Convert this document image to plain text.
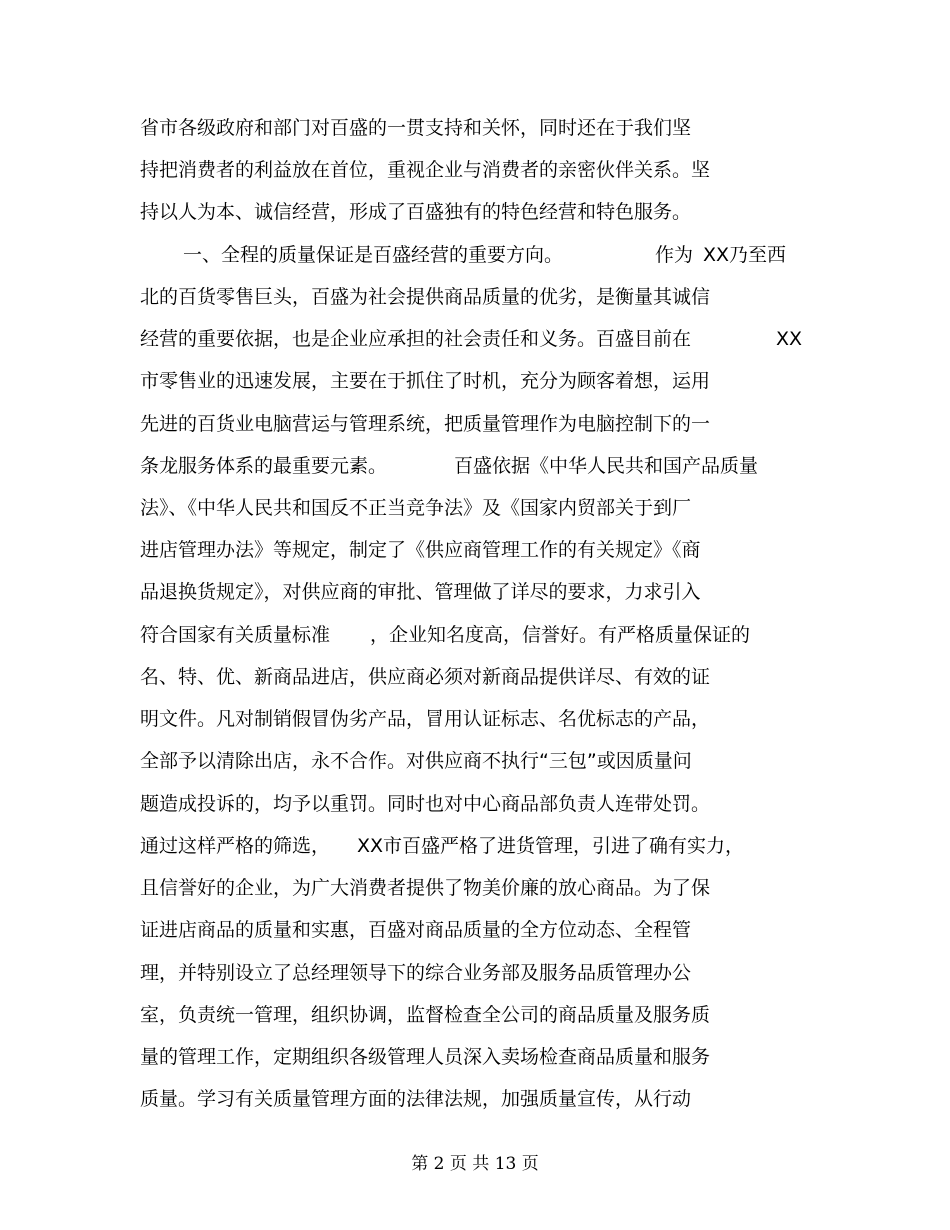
省市各级政府和部门对百盛的一贯支持和关怀，同时还在于我们坚
持把消费者的利益放在首位，重视企业与消费者的亲密伙伴关系。坚
持以人为本、诚信经营，形成了百盛独有的特色经营和特色服务。
一、全程的质量保证是百盛经营的重要方向。	作为 XX乃至西
北的百货零售巨头，百盛为社会提供商品质量的优劣，是衡量其诚信
经营的重要依据，也是企业应承担的社会责任和义务。百盛目前在	XX
市零售业的迅速发展，主要在于抓住了时机，充分为顾客着想，运用
先进的百货业电脑营运与管理系统，把质量管理作为电脑控制下的一
条龙服务体系的最重要元素。	百盛依据《中华人民共和国产品质量
法》、《中华人民共和国反不正当竞争法》及《国家内贸部关于到厂
进店管理办法》等规定，制定了《供应商管理工作的有关规定》《商
品退换货规定》，对供应商的审批、管理做了详尽的要求，力求引入
符合国家有关质量标准 ，企业知名度高，信誉好。有严格质量保证的
名、特、优、新商品进店，供应商必须对新商品提供详尽、有效的证
明文件。凡对制销假冒伪劣产品，冒用认证标志、名优标志的产品，
全部予以清除出店，永不合作。对供应商不执行“三包”或因质量问
题造成投诉的，均予以重罚。同时也对中心商品部负责人连带处罚。
通过这样严格的筛选， XX市百盛严格了进货管理，引进了确有实力，
且信誉好的企业，为广大消费者提供了物美价廉的放心商品。为了保
证进店商品的质量和实惠，百盛对商品质量的全方位动态、全程管
理，并特别设立了总经理领导下的综合业务部及服务品质管理办公
室，负责统一管理，组织协调，监督检查全公司的商品质量及服务质
量的管理工作，定期组织各级管理人员深入卖场检查商品质量和服务
质量。学习有关质量管理方面的法律法规，加强质量宣传，从行动
第 2 页 共 13 页
